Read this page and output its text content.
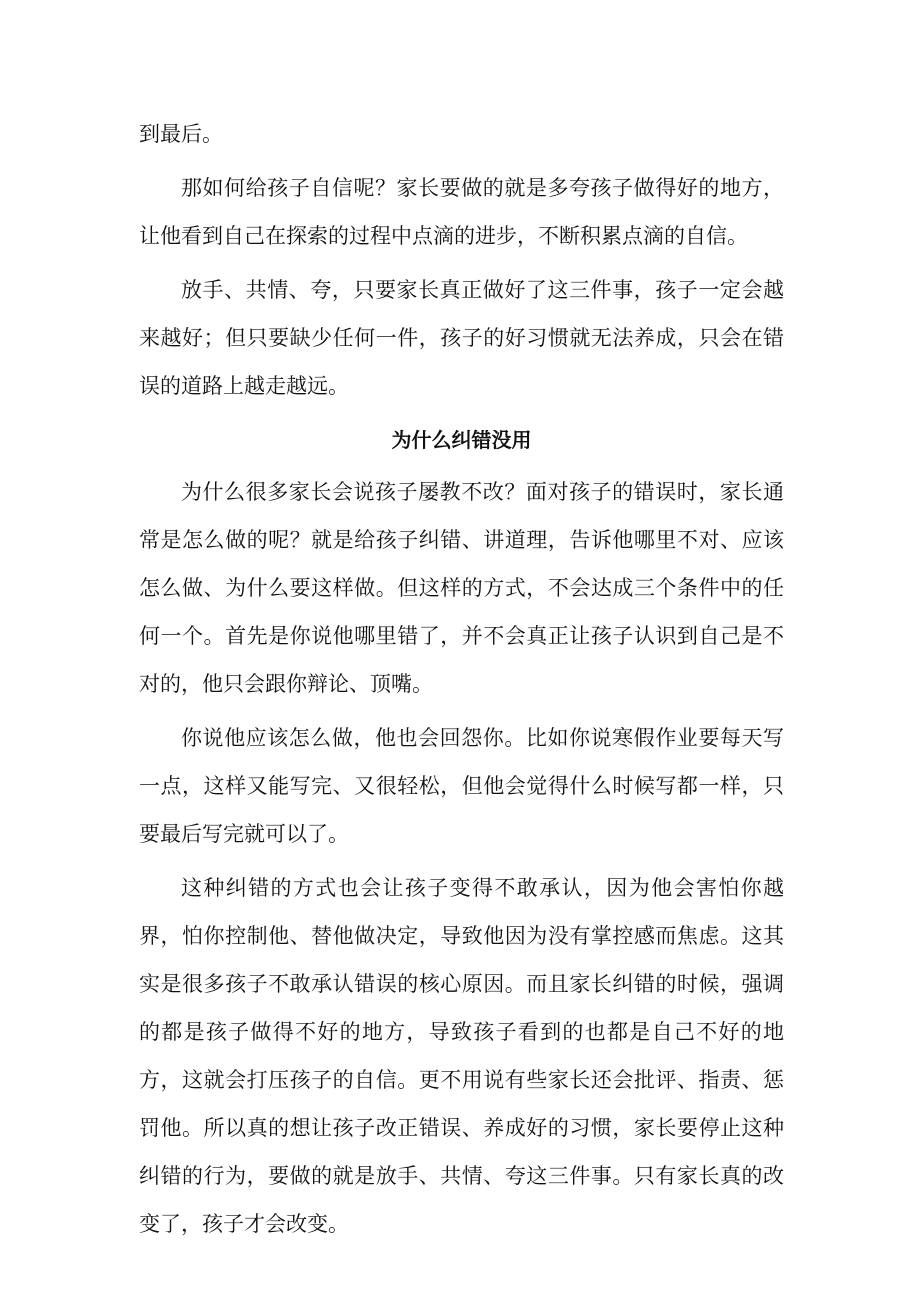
到最后。

那如何给孩子自信呢？家长要做的就是多夸孩子做得好的地方，让他看到自己在探索的过程中点滴的进步，不断积累点滴的自信。

放手、共情、夸，只要家长真正做好了这三件事，孩子一定会越来越好；但只要缺少任何一件，孩子的好习惯就无法养成，只会在错误的道路上越走越远。

为什么纠错没用

为什么很多家长会说孩子屡教不改？面对孩子的错误时，家长通常是怎么做的呢？就是给孩子纠错、讲道理，告诉他哪里不对、应该怎么做、为什么要这样做。但这样的方式，不会达成三个条件中的任何一个。首先是你说他哪里错了，并不会真正让孩子认识到自己是不对的，他只会跟你辩论、顶嘴。

你说他应该怎么做，他也会回怨你。比如你说寒假作业要每天写一点，这样又能写完、又很轻松，但他会觉得什么时候写都一样，只要最后写完就可以了。

这种纠错的方式也会让孩子变得不敢承认，因为他会害怕你越界，怕你控制他、替他做决定，导致他因为没有掌控感而焦虑。这其实是很多孩子不敢承认错误的核心原因。而且家长纠错的时候，强调的都是孩子做得不好的地方，导致孩子看到的也都是自己不好的地方，这就会打压孩子的自信。更不用说有些家长还会批评、指责、惩罚他。所以真的想让孩子改正错误、养成好的习惯，家长要停止这种纠错的行为，要做的就是放手、共情、夸这三件事。只有家长真的改变了，孩子才会改变。
